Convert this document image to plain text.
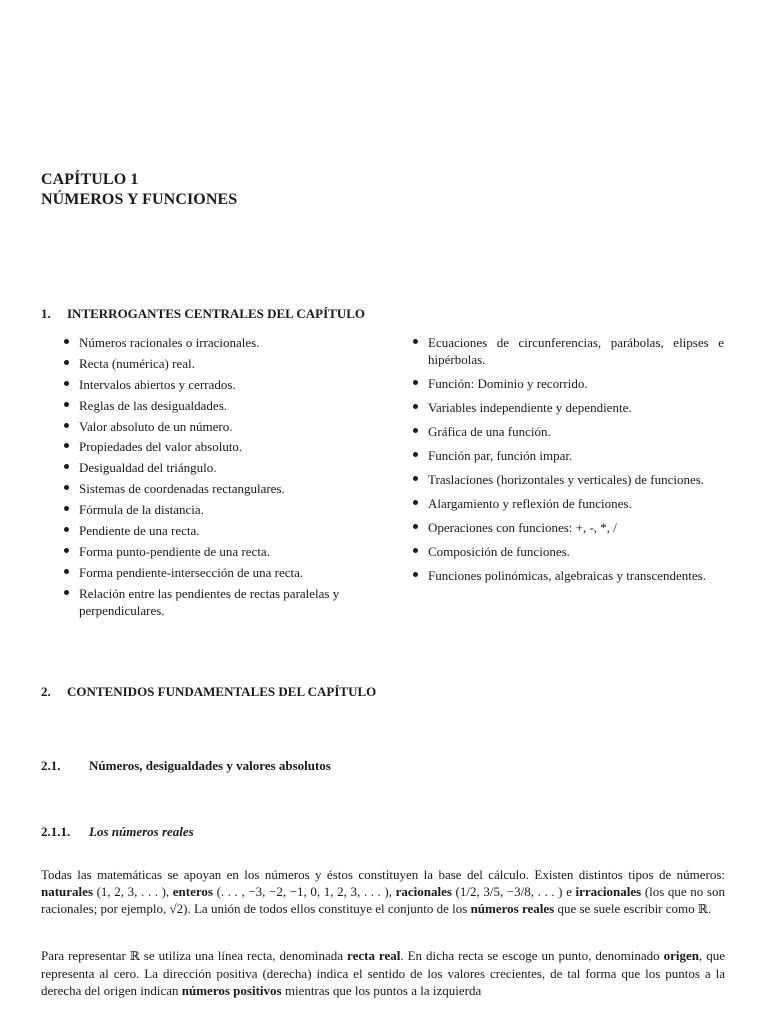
CAPÍTULO 1
NÚMEROS Y FUNCIONES
1. INTERROGANTES CENTRALES DEL CAPÍTULO
Números racionales o irracionales.
Recta (numérica) real.
Intervalos abiertos y cerrados.
Reglas de las desigualdades.
Valor absoluto de un número.
Propiedades del valor absoluto.
Desigualdad del triángulo.
Sistemas de coordenadas rectangulares.
Fórmula de la distancia.
Pendiente de una recta.
Forma punto-pendiente de una recta.
Forma pendiente-intersección de una recta.
Relación entre las pendientes de rectas paralelas y perpendiculares.
Ecuaciones de circunferencias, parábolas, elipses e hipérbolas.
Función: Dominio y recorrido.
Variables independiente y dependiente.
Gráfica de una función.
Función par, función impar.
Traslaciones (horizontales y verticales) de funciones.
Alargamiento y reflexión de funciones.
Operaciones con funciones: +, -, *, /
Composición de funciones.
Funciones polinómicas, algebraicas y transcendentes.
2. CONTENIDOS FUNDAMENTALES DEL CAPÍTULO
2.1. Números, desigualdades y valores absolutos
2.1.1. Los números reales

Todas las matemáticas se apoyan en los números y éstos constituyen la base del cálculo. Existen distintos tipos de números: naturales (1, 2, 3, . . . ), enteros (. . . , −3, −2, −1, 0, 1, 2, 3, . . . ), racionales (1/2, 3/5, −3/8, . . . ) e irracionales (los que no son racionales; por ejemplo, √2). La unión de todos ellos constituye el conjunto de los números reales que se suele escribir como ℝ.

Para representar ℝ se utiliza una línea recta, denominada recta real. En dicha recta se escoge un punto, denominado origen, que representa al cero. La dirección positiva (derecha) indica el sentido de los valores crecientes, de tal forma que los puntos a la derecha del origen indican números positivos mientras que los puntos a la izquierda
